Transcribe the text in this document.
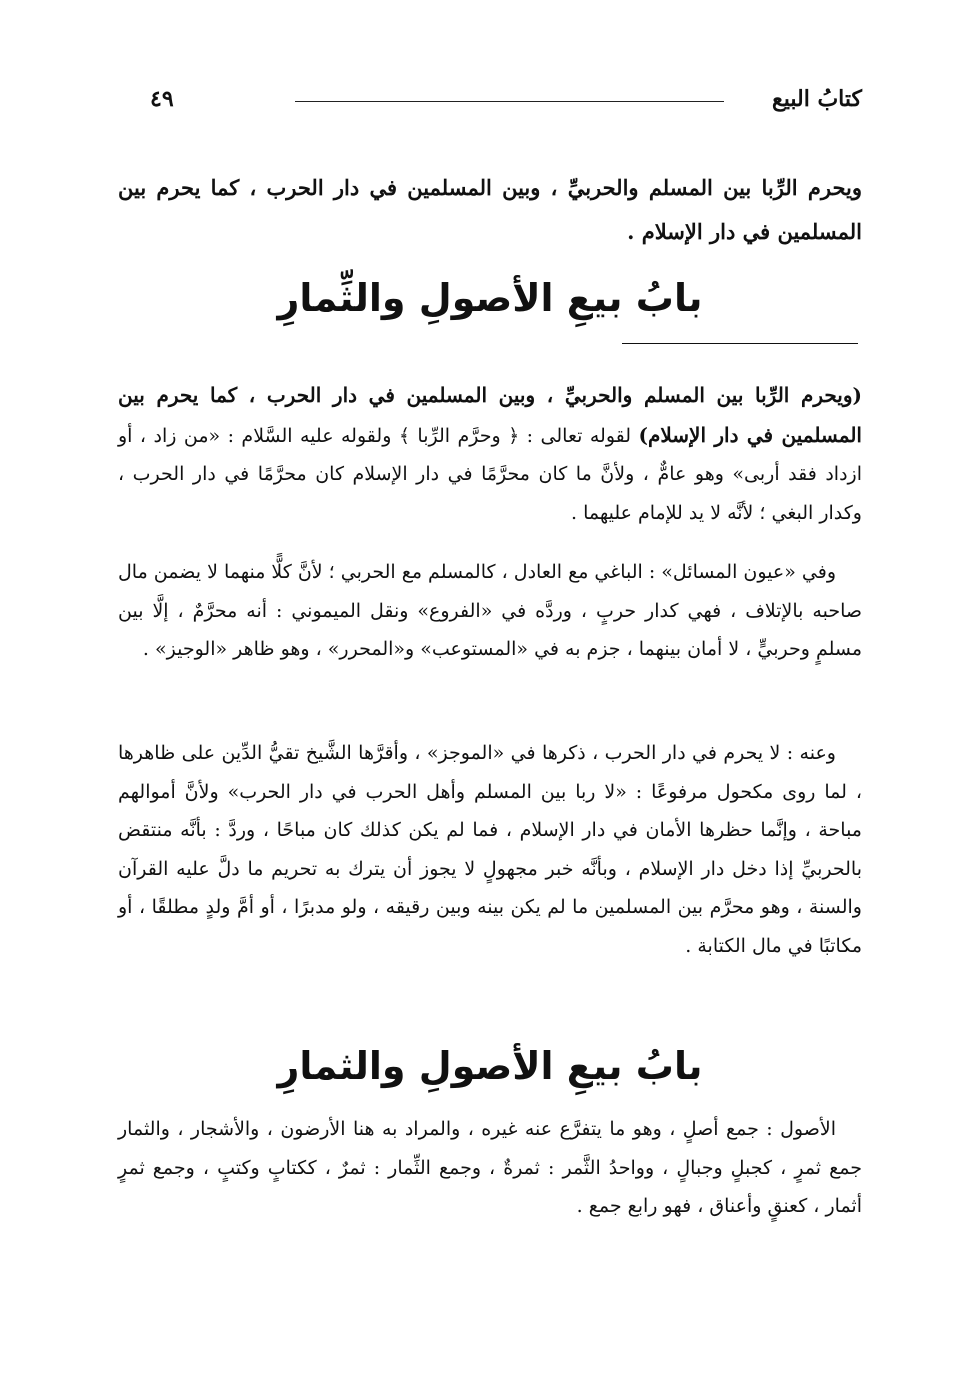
كتابُ البيع
٤٩
ويحرم الرِّبا بين المسلم والحربيِّ ، وبين المسلمين في دار الحرب ، كما يحرم بين المسلمين في دار الإسلام .
بابُ بيعِ الأصولِ والثِّمارِ
(ويحرم الرِّبا بين المسلم والحربيِّ ، وبين المسلمين في دار الحرب ، كما يحرم بين المسلمين في دار الإسلام) لقوله تعالى : ﴿ وحرَّم الرِّبا ﴾ ولقوله عليه السَّلام : «من زاد ، أو ازداد فقد أربى» وهو عامٌّ ، ولأنَّ ما كان محرَّمًا في دار الإسلام كان محرَّمًا في دار الحرب ، وكدار البغي ؛ لأنَّه لا يد للإمام عليهما .
وفي «عيون المسائل» : الباغي مع العادل ، كالمسلم مع الحربي ؛ لأنَّ كلًّا منهما لا يضمن مال صاحبه بالإتلاف ، فهي كدار حربٍ ، وردَّه في «الفروع» ونقل الميموني : أنه محرَّمٌ ، إلَّا بين مسلمٍ وحربيٍّ ، لا أمان بينهما ، جزم به في «المستوعب» و«المحرر» ، وهو ظاهر «الوجيز» .
وعنه : لا يحرم في دار الحرب ، ذكرها في «الموجز» ، وأقرَّها الشَّيخ تقيُّ الدِّين على ظاهرها ، لما روى مكحول مرفوعًا : «لا ربا بين المسلم وأهل الحرب في دار الحرب» ولأنَّ أموالهم مباحة ، وإنَّما حظرها الأمان في دار الإسلام ، فما لم يكن كذلك كان مباحًا ، وردَّ : بأنَّه منتقض بالحربيِّ إذا دخل دار الإسلام ، وبأنَّه خبر مجهولٍ لا يجوز أن يترك به تحريم ما دلَّ عليه القرآن والسنة ، وهو محرَّم بين المسلمين ما لم يكن بينه وبين رقيقه ، ولو مدبرًا ، أو أمَّ ولدٍ مطلقًا ، أو مكاتبًا في مال الكتابة .
بابُ بيعِ الأصولِ والثمارِ
الأصول : جمع أصلٍ ، وهو ما يتفرَّع عنه غيره ، والمراد به هنا الأرضون ، والأشجار ، والثمار جمع ثمرٍ ، كجبلٍ وجبالٍ ، وواحدُ الثَّمر : ثمرةٌ ، وجمع الثِّمار : ثمرٌ ، ككتابٍ وكتبٍ ، وجمع ثمرٍ أثمار ، كعنقٍ وأعناق ، فهو رابع جمع .
